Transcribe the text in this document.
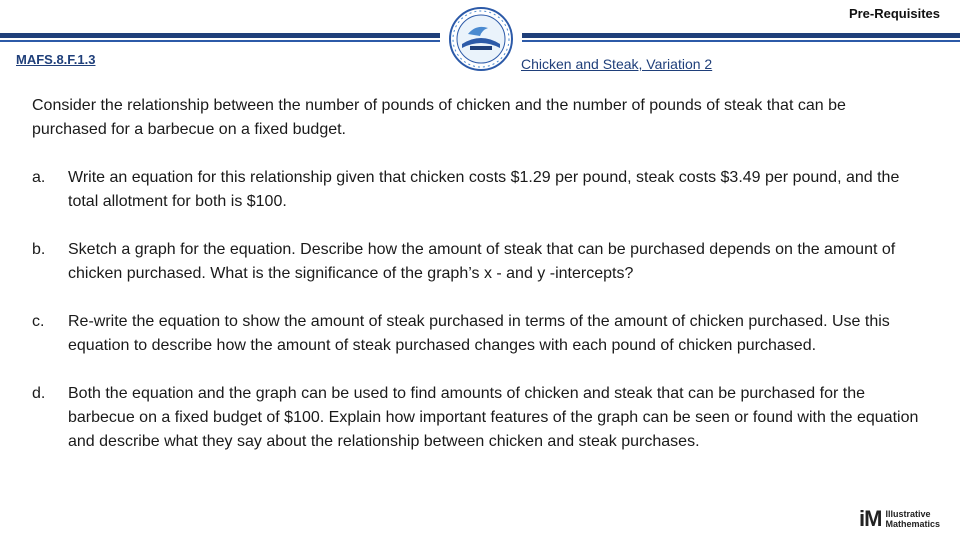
Pre-Requisites
MAFS.8.F.1.3	Chicken and Steak, Variation 2

Consider the relationship between the number of pounds of chicken and the number of pounds of steak that can be purchased for a barbecue on a fixed budget.

a.	Write an equation for this relationship given that chicken costs $1.29 per pound, steak costs $3.49 per pound, and the total allotment for both is $100.
b.	Sketch a graph for the equation. Describe how the amount of steak that can be purchased depends on the amount of chicken purchased. What is the significance of the graph’s x - and y -intercepts?
c.	Re-write the equation to show the amount of steak purchased in terms of the amount of chicken purchased. Use this equation to describe how the amount of steak purchased changes with each pound of chicken purchased.
d.	Both the equation and the graph can be used to find amounts of chicken and steak that can be purchased for the barbecue on a fixed budget of $100. Explain how important features of the graph can be seen or found with the equation and describe what they say about the relationship between chicken and steak purchases.
iM Illustrative
Mathematics
